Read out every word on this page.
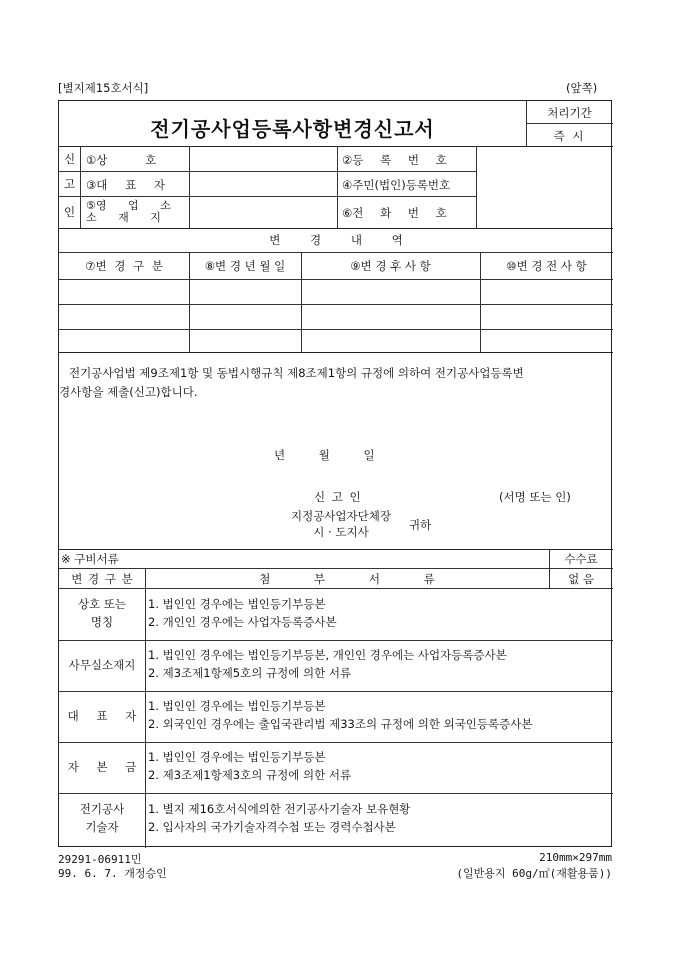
[별지제15호서식]	(앞쪽)
전기공사업등록사항변경신고서
처리기간
즉 시
신
고
인
①상 호	②등 록 번 호
③대 표 자	④주민(법인)등록번호
⑤영 업 소
소 재 지	⑥전 화 번 호
변 경 내 역
⑦변 경 구 분	⑧변 경 년 월 일	⑨변 경 후 사 항	⑩변 경 전 사 항
전기공사업법 제9조제1항 및 동법시행규칙 제8조제1항의 규정에 의하여 전기공사업등록변
경사항을 제출(신고)합니다.
년 월 일
신 고 인	(서명 또는 인)
지정공사업자단체장
시 · 도지사	귀하
※ 구비서류	수수료
변 경 구 분	첨 부 서 류	없 음
상호 또는
명칭
1. 법인인 경우에는 법인등기부등본
2. 개인인 경우에는 사업자등록증사본
사무실소재지
1. 법인인 경우에는 법인등기부등본, 개인인 경우에는 사업자등록증사본
2. 제3조제1항제5호의 규정에 의한 서류
대 표 자
1. 법인인 경우에는 법인등기부등본
2. 외국인인 경우에는 출입국관리법 제33조의 규정에 의한 외국인등록증사본
자 본 금
1. 법인인 경우에는 법인등기부등본
2. 제3조제1항제3호의 규정에 의한 서류
전기공사
기술자
1. 별지 제16호서식에의한 전기공사기술자 보유현황
2. 입사자의 국가기술자격수첩 또는 경력수첩사본
29291-06911민
99. 6. 7. 개정승인
210mm×297mm
(일반용지 60g/㎡(재활용품))
